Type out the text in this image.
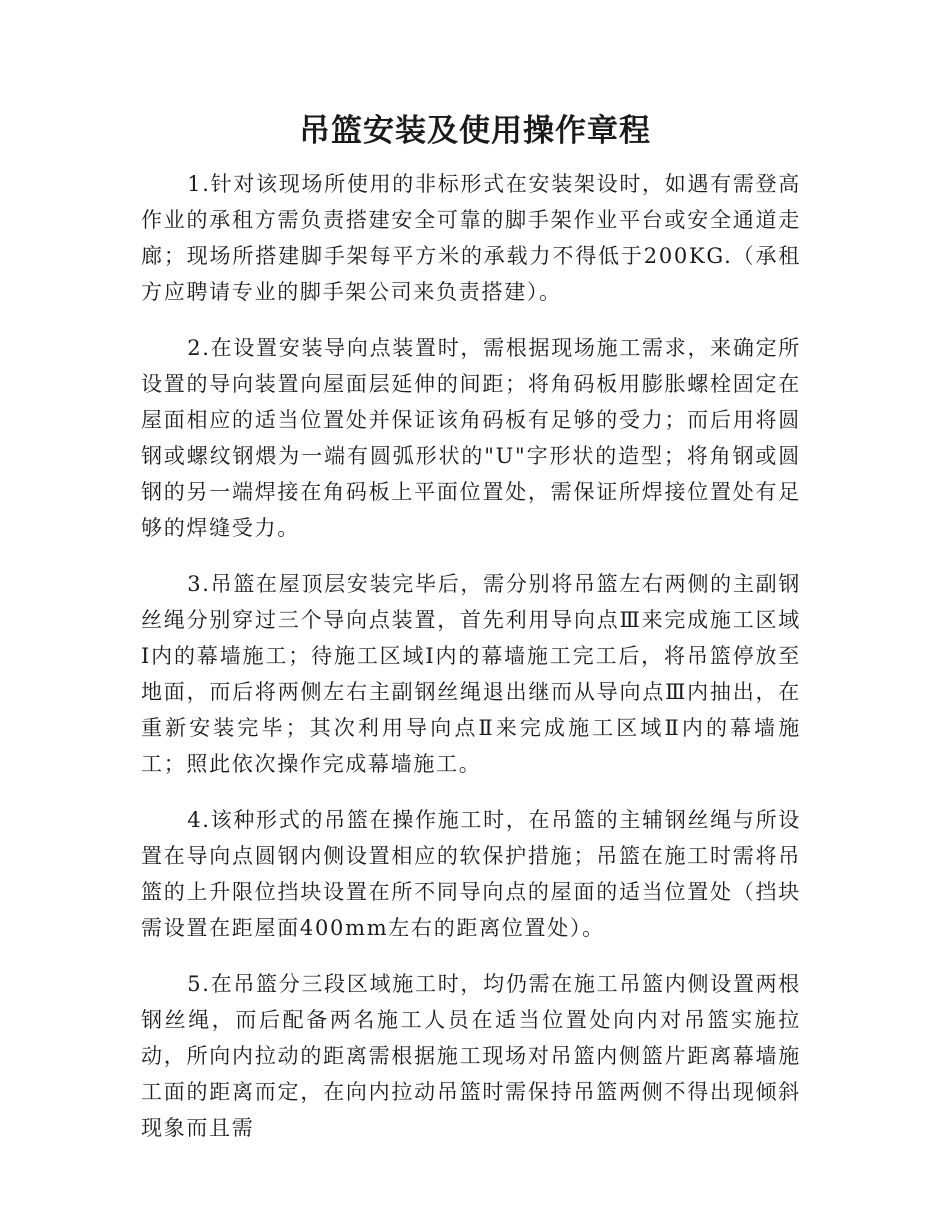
吊篮安装及使用操作章程

1.针对该现场所使用的非标形式在安装架设时，如遇有需登高作业的承租方需负责搭建安全可靠的脚手架作业平台或安全通道走廊；现场所搭建脚手架每平方米的承载力不得低于200KG.（承租方应聘请专业的脚手架公司来负责搭建）。

2.在设置安装导向点装置时，需根据现场施工需求，来确定所设置的导向装置向屋面层延伸的间距；将角码板用膨胀螺栓固定在屋面相应的适当位置处并保证该角码板有足够的受力；而后用将圆钢或螺纹钢煨为一端有圆弧形状的"U"字形状的造型；将角钢或圆钢的另一端焊接在角码板上平面位置处，需保证所焊接位置处有足够的焊缝受力。

3.吊篮在屋顶层安装完毕后，需分别将吊篮左右两侧的主副钢丝绳分别穿过三个导向点装置，首先利用导向点Ⅲ来完成施工区域Ⅰ内的幕墙施工；待施工区域Ⅰ内的幕墙施工完工后，将吊篮停放至地面，而后将两侧左右主副钢丝绳退出继而从导向点Ⅲ内抽出，在重新安装完毕；其次利用导向点Ⅱ来完成施工区域Ⅱ内的幕墙施工；照此依次操作完成幕墙施工。

4.该种形式的吊篮在操作施工时，在吊篮的主辅钢丝绳与所设置在导向点圆钢内侧设置相应的软保护措施；吊篮在施工时需将吊篮的上升限位挡块设置在所不同导向点的屋面的适当位置处（挡块需设置在距屋面400mm左右的距离位置处）。

5.在吊篮分三段区域施工时，均仍需在施工吊篮内侧设置两根钢丝绳，而后配备两名施工人员在适当位置处向内对吊篮实施拉动，所向内拉动的距离需根据施工现场对吊篮内侧篮片距离幕墙施工面的距离而定，在向内拉动吊篮时需保持吊篮两侧不得出现倾斜现象而且需
